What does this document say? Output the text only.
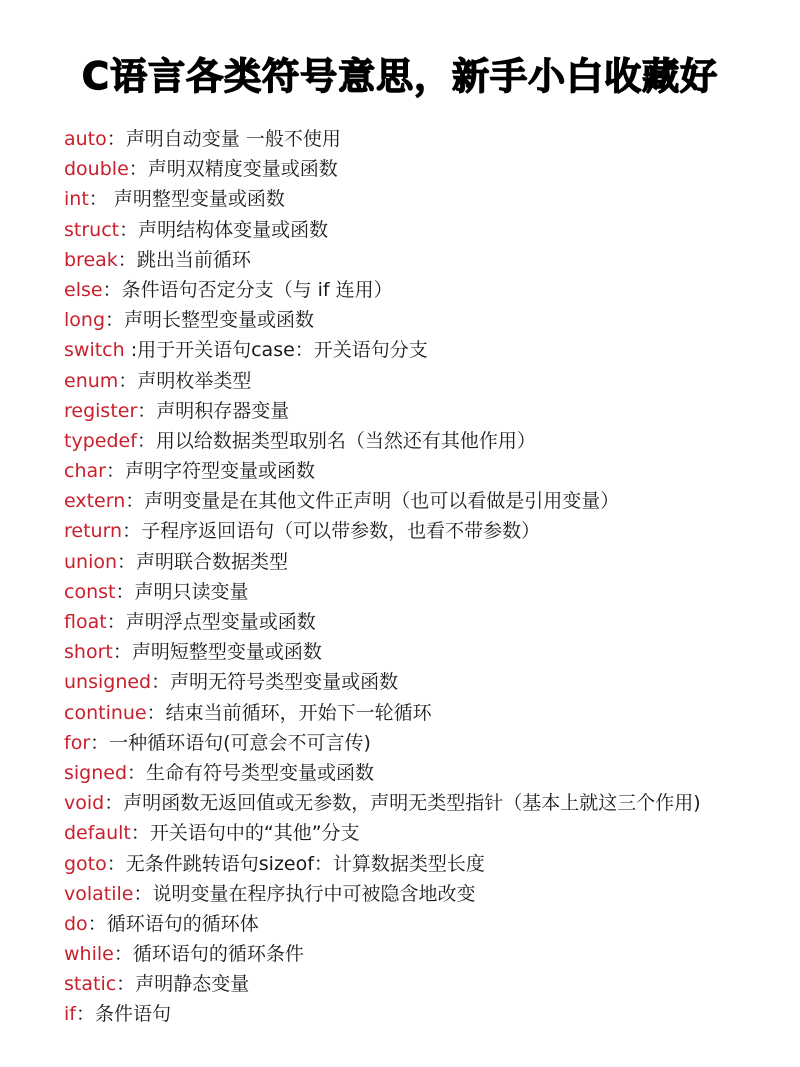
C语言各类符号意思，新手小白收藏好
auto：声明自动变量 一般不使用
double：声明双精度变量或函数
int： 声明整型变量或函数
struct：声明结构体变量或函数
break：跳出当前循环
else：条件语句否定分支（与 if 连用）
long：声明长整型变量或函数
switch :用于开关语句case：开关语句分支
enum：声明枚举类型
register：声明积存器变量
typedef：用以给数据类型取别名（当然还有其他作用）
char：声明字符型变量或函数
extern：声明变量是在其他文件正声明（也可以看做是引用变量）
return：子程序返回语句（可以带参数，也看不带参数）
union：声明联合数据类型
const：声明只读变量
float：声明浮点型变量或函数
short：声明短整型变量或函数
unsigned：声明无符号类型变量或函数
continue：结束当前循环，开始下一轮循环
for：一种循环语句(可意会不可言传)
signed：生命有符号类型变量或函数
void：声明函数无返回值或无参数，声明无类型指针（基本上就这三个作用)
default：开关语句中的“其他”分支
goto：无条件跳转语句sizeof：计算数据类型长度
volatile：说明变量在程序执行中可被隐含地改变
do：循环语句的循环体
while：循环语句的循环条件
static：声明静态变量
if：条件语句
